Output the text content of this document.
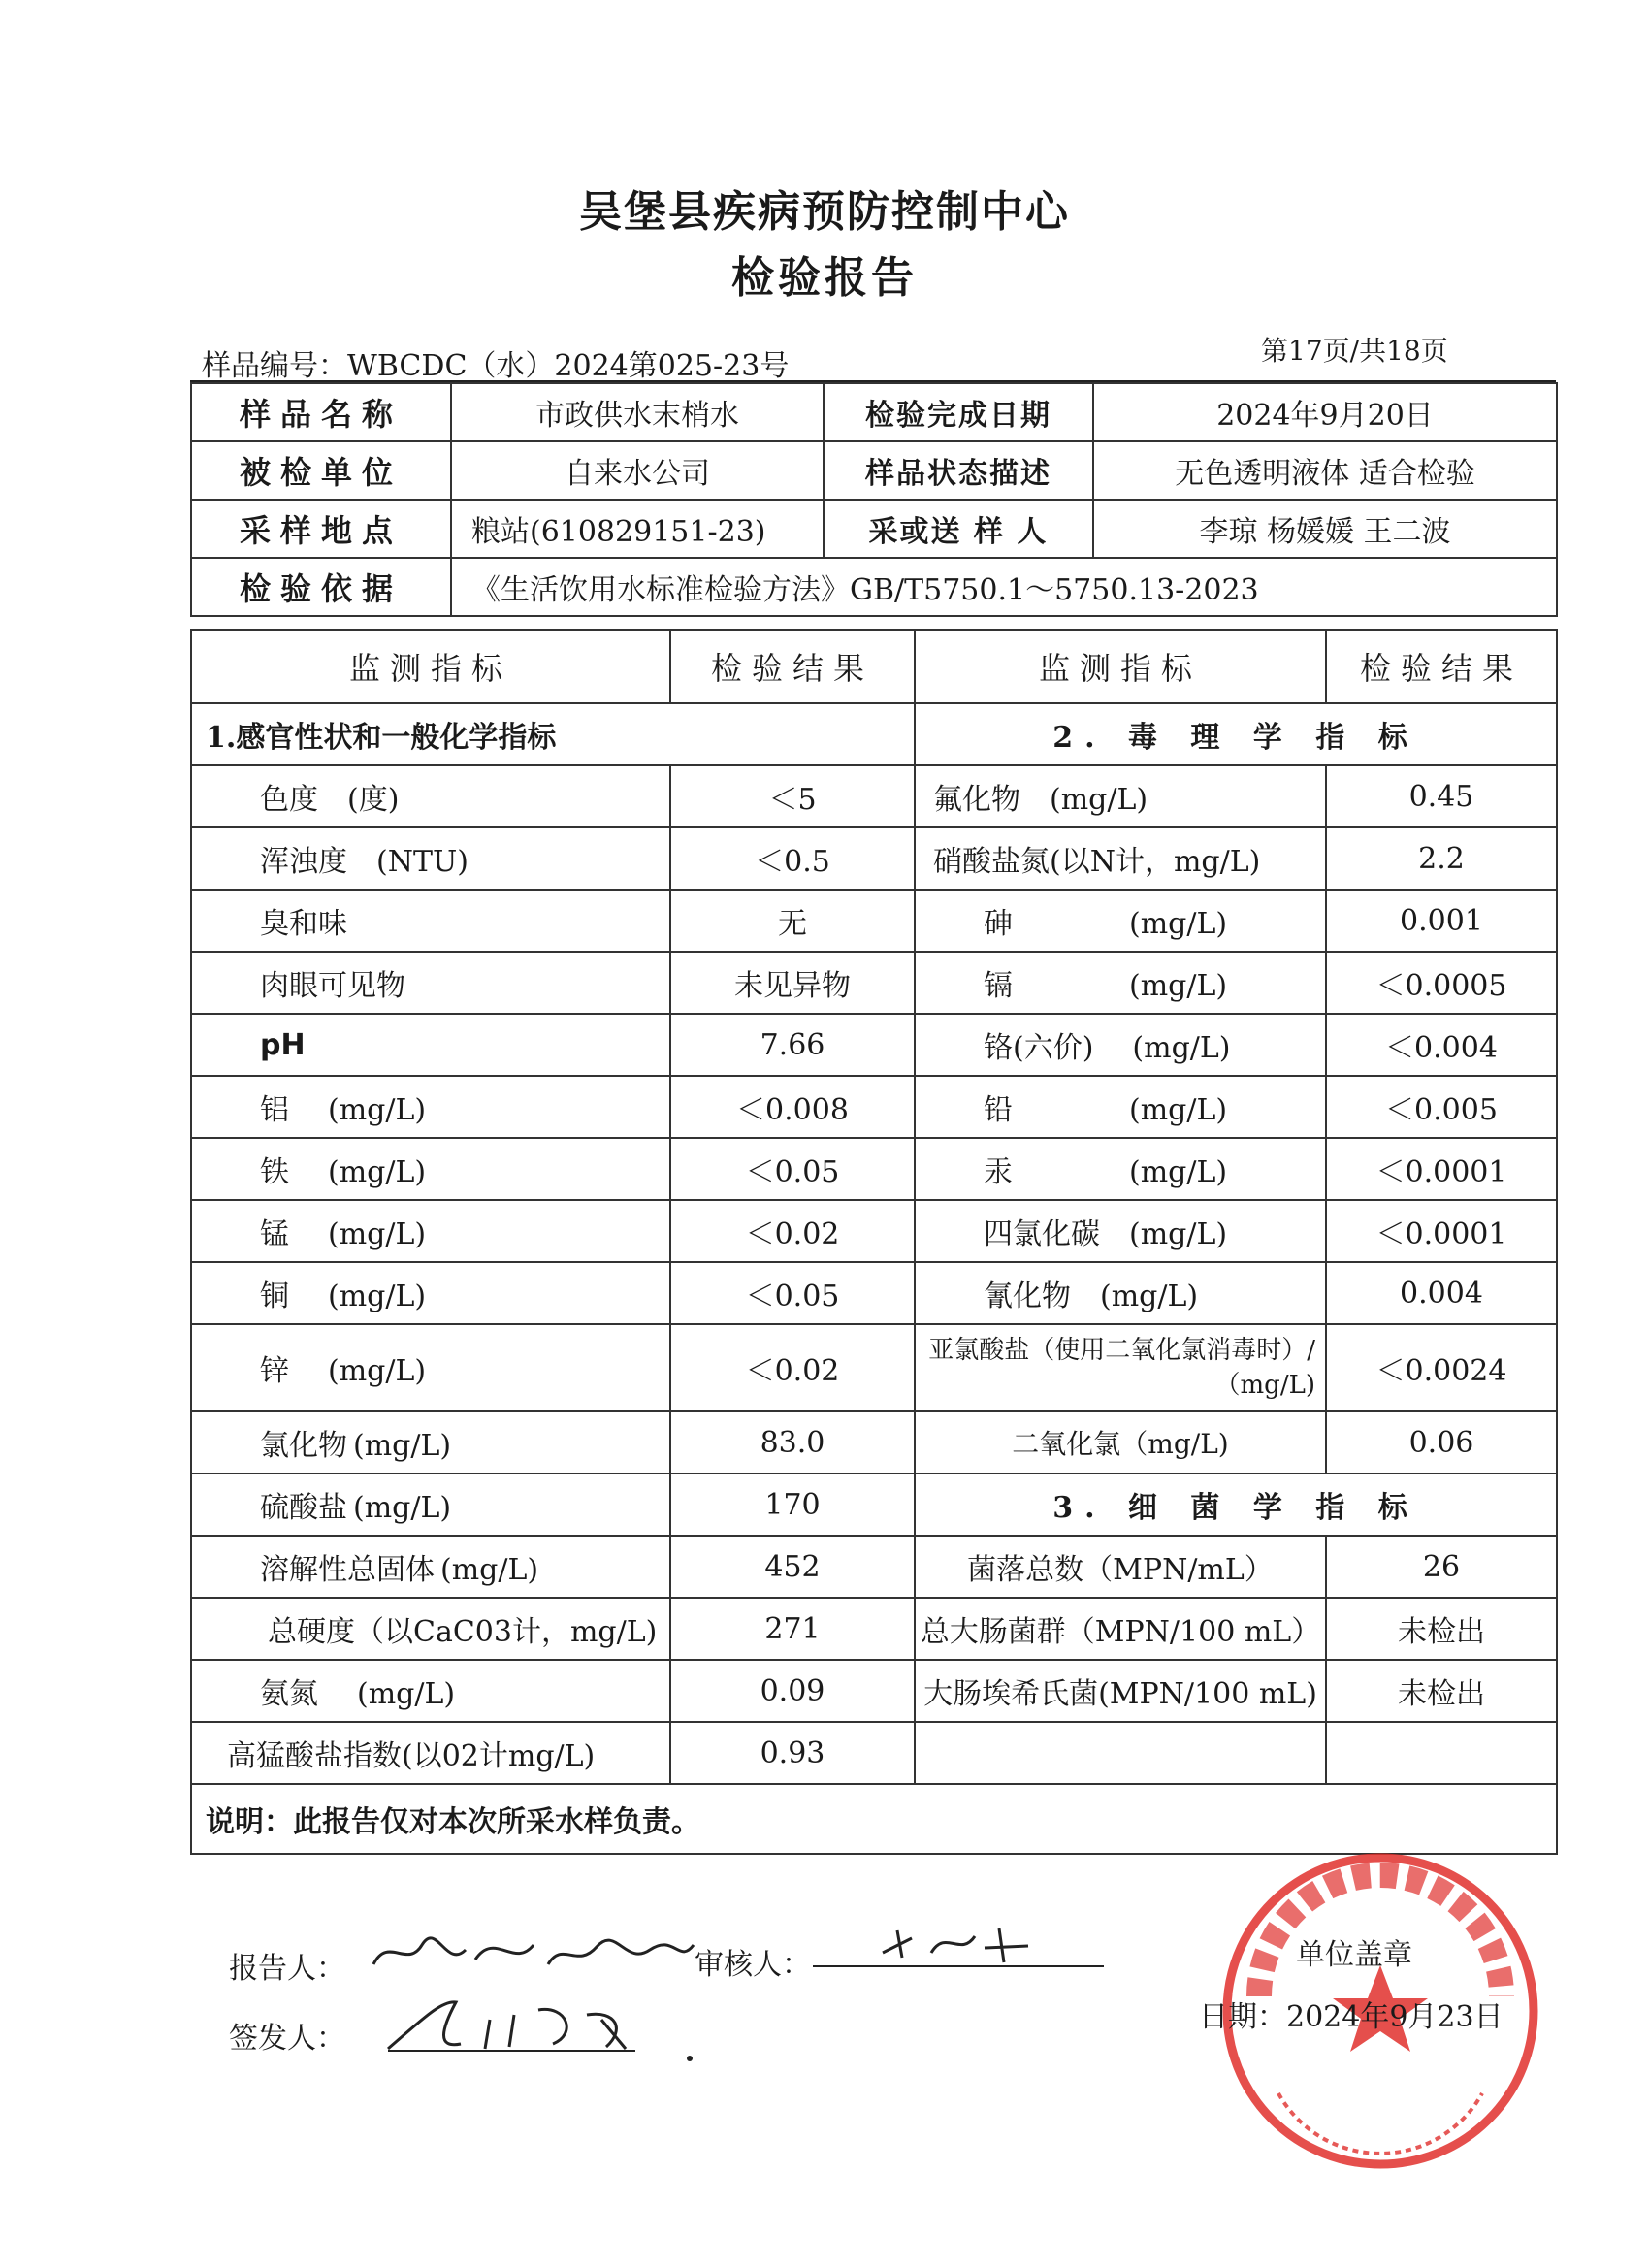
吴堡县疾病预防控制中心
检验报告
样品编号：WBCDC（水）2024第025-23号	第17页/共18页
样品名称	市政供水末梢水	检验完成日期	2024年9月20日
被检单位	自来水公司	样品状态描述	无色透明液体 适合检验
采样地点	粮站(610829151-23)	采或送 样 人	李琼 杨媛媛 王二波
检验依据	《生活饮用水标准检验方法》GB/T5750.1～5750.13-2023		
监测指标	检验结果	监测指标	检验结果
1.感官性状和一般化学指标		2. 毒 理 学 指 标	
色度 (度)	＜5	氟化物 (mg/L)	0.45
浑浊度 (NTU)	＜0.5	硝酸盐氮(以N计，mg/L)	2.2
臭和味	无	砷 (mg/L)	0.001
肉眼可见物	未见异物	镉 (mg/L)	＜0.0005
pH	7.66	铬(六价) (mg/L)	＜0.004
铝 (mg/L)	＜0.008	铅 (mg/L)	＜0.005
铁 (mg/L)	＜0.05	汞 (mg/L)	＜0.0001
锰 (mg/L)	＜0.02	四氯化碳 (mg/L)	＜0.0001
铜 (mg/L)	＜0.05	氰化物 (mg/L)	0.004
锌 (mg/L)	＜0.02	亚氯酸盐（使用二氧化氯消毒时）/（mg/L)	＜0.0024
氯化物 (mg/L)	83.0	二氧化氯（mg/L)	0.06
硫酸盐 (mg/L)	170	3. 细 菌 学 指 标	
溶解性总固体 (mg/L)	452	菌落总数（MPN/mL）	26
总硬度（以CaC03计，mg/L)	271	总大肠菌群（MPN/100 mL）	未检出
氨氮 (mg/L)	0.09	大肠埃希氏菌(MPN/100 mL)	未检出
高猛酸盐指数(以02计mg/L)	0.93		
说明：此报告仅对本次所采水样负责。			
报告人：	审核人：
签发人：
单位盖章
日期：2024年9月23日
